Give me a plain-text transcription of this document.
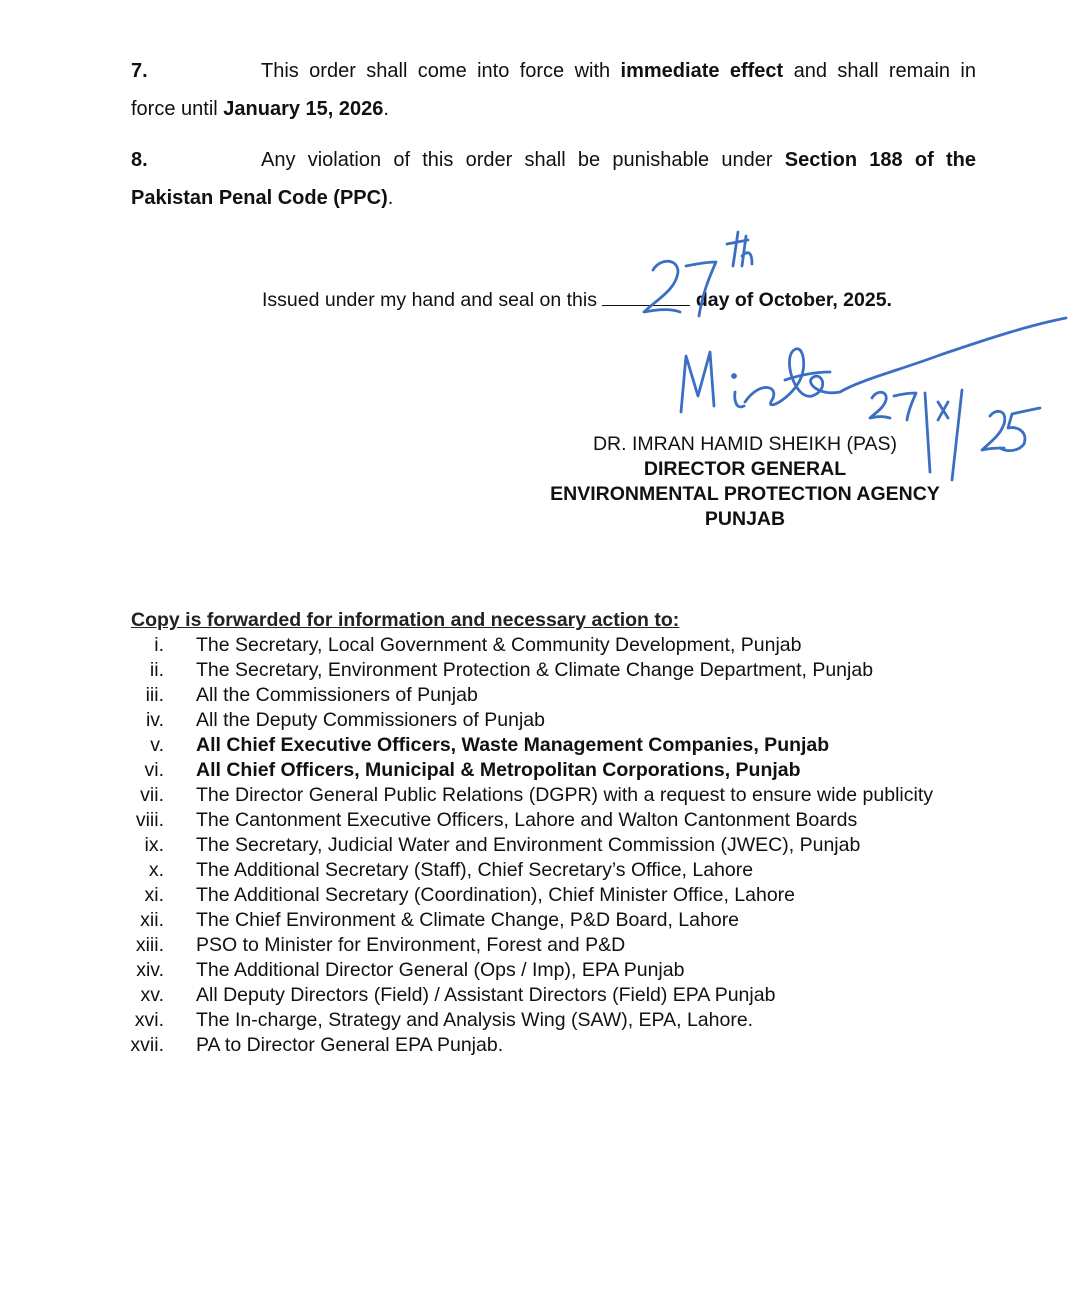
7.	This order shall come into force with immediate effect and shall remain in
force until January 15, 2026.
8.	Any violation of this order shall be punishable under Section 188 of the
Pakistan Penal Code (PPC).
Issued under my hand and seal on this	day of October, 2025.
DR. IMRAN HAMID SHEIKH (PAS)
DIRECTOR GENERAL
ENVIRONMENTAL PROTECTION AGENCY
PUNJAB
Copy is forwarded for information and necessary action to:
i.	The Secretary, Local Government & Community Development, Punjab
ii.	The Secretary, Environment Protection & Climate Change Department, Punjab
iii.	All the Commissioners of Punjab
iv.	All the Deputy Commissioners of Punjab
v.	All Chief Executive Officers, Waste Management Companies, Punjab
vi.	All Chief Officers, Municipal & Metropolitan Corporations, Punjab
vii.	The Director General Public Relations (DGPR) with a request to ensure wide publicity
viii.	The Cantonment Executive Officers, Lahore and Walton Cantonment Boards
ix.	The Secretary, Judicial Water and Environment Commission (JWEC), Punjab
x.	The Additional Secretary (Staff), Chief Secretary’s Office, Lahore
xi.	The Additional Secretary (Coordination), Chief Minister Office, Lahore
xii.	The Chief Environment & Climate Change, P&D Board, Lahore
xiii.	PSO to Minister for Environment, Forest and P&D
xiv.	The Additional Director General (Ops / Imp), EPA Punjab
xv.	All Deputy Directors (Field) / Assistant Directors (Field) EPA Punjab
xvi.	The In-charge, Strategy and Analysis Wing (SAW), EPA, Lahore.
xvii.	PA to Director General EPA Punjab.
